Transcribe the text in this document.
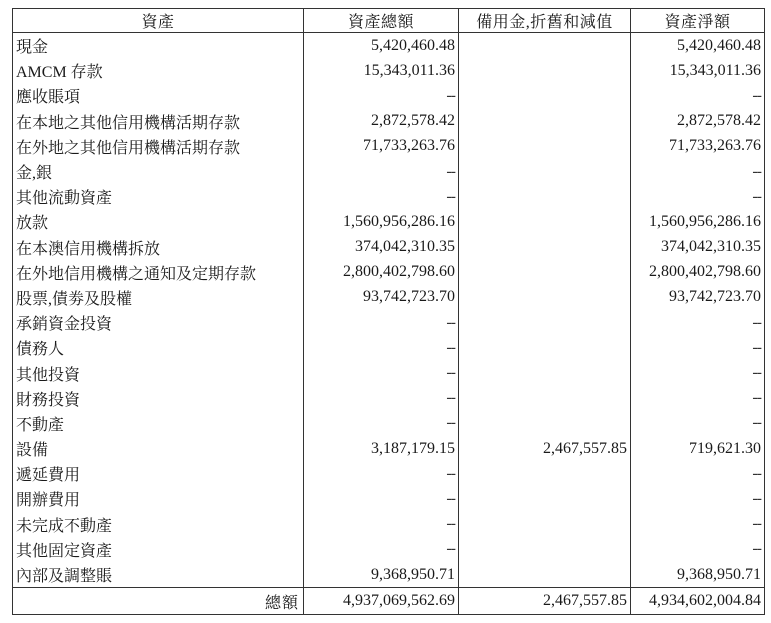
資產	資產總額	備用金,折舊和減值	資產淨額
現金	5,420,460.48		5,420,460.48
AMCM 存款	15,343,011.36		15,343,011.36
應收賬項	--		--
在本地之其他信用機構活期存款	2,872,578.42		2,872,578.42
在外地之其他信用機構活期存款	71,733,263.76		71,733,263.76
金,銀	--		--
其他流動資產	--		--
放款	1,560,956,286.16		1,560,956,286.16
在本澳信用機構拆放	374,042,310.35		374,042,310.35
在外地信用機構之通知及定期存款	2,800,402,798.60		2,800,402,798.60
股票,債劵及股權	93,742,723.70		93,742,723.70
承銷資金投資	--		--
債務人	--		--
其他投資	--		--
財務投資	--		--
不動產	--		--
設備	3,187,179.15	2,467,557.85	719,621.30
遞延費用	--		--
開辦費用	--		--
未完成不動產	--		--
其他固定資產	--		--
內部及調整賬	9,368,950.71		9,368,950.71
總額	4,937,069,562.69	2,467,557.85	4,934,602,004.84
